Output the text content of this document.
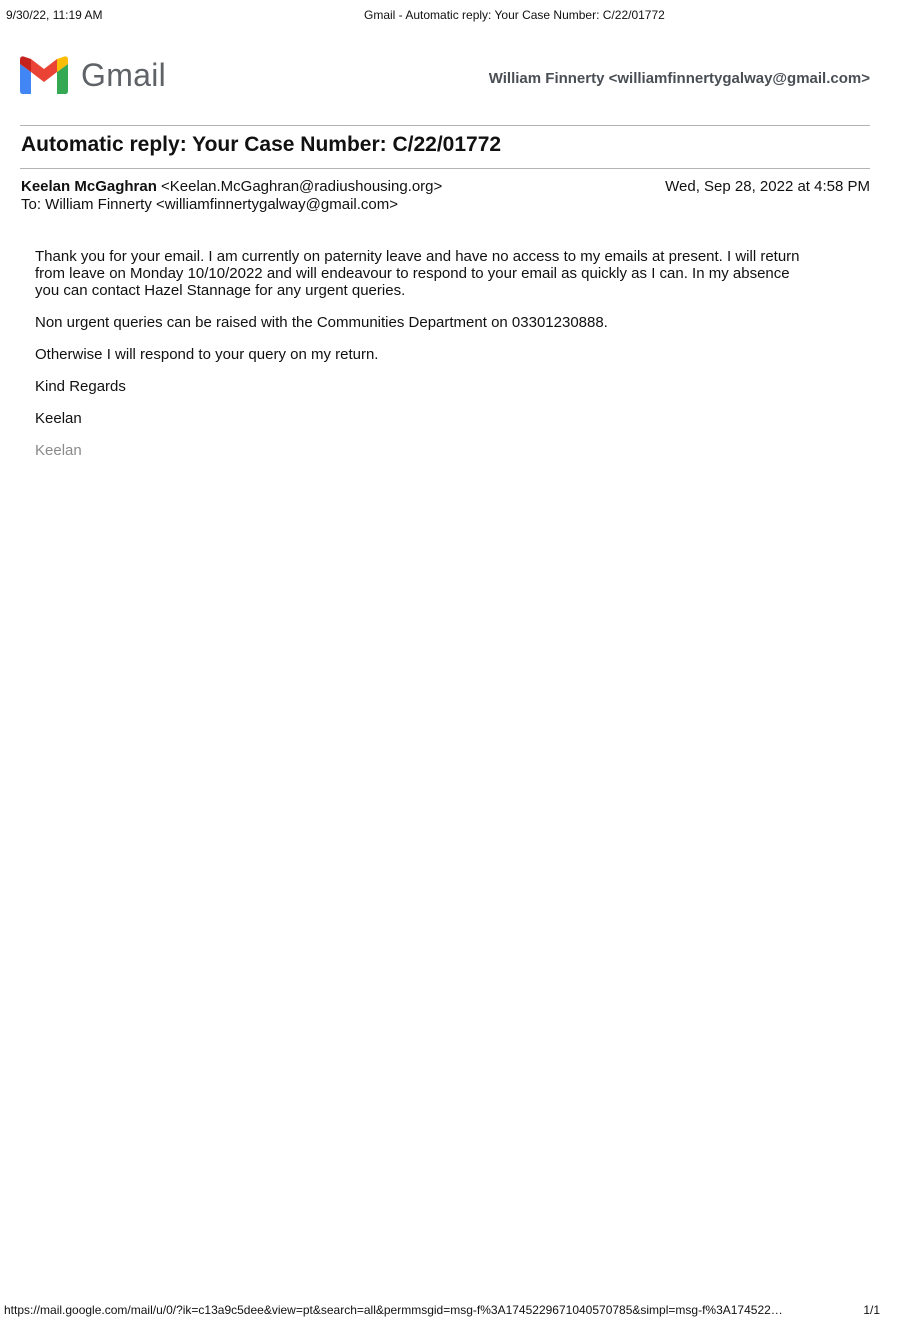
9/30/22, 11:19 AM	Gmail - Automatic reply: Your Case Number: C/22/01772
Gmail	William Finnerty <williamfinnertygalway@gmail.com>
Automatic reply: Your Case Number: C/22/01772
Keelan McGaghran <Keelan.McGaghran@radiushousing.org>
To: William Finnerty <williamfinnertygalway@gmail.com>
Wed, Sep 28, 2022 at 4:58 PM

Thank you for your email. I am currently on paternity leave and have no access to my emails at present. I will return
from leave on Monday 10/10/2022 and will endeavour to respond to your email as quickly as I can. In my absence
you can contact Hazel Stannage for any urgent queries.

Non urgent queries can be raised with the Communities Department on 03301230888.

Otherwise I will respond to your query on my return.

Kind Regards

Keelan

Keelan

https://mail.google.com/mail/u/0/?ik=c13a9c5dee&view=pt&search=all&permmsgid=msg-f%3A1745229671040570785&simpl=msg-f%3A174522…	1/1
